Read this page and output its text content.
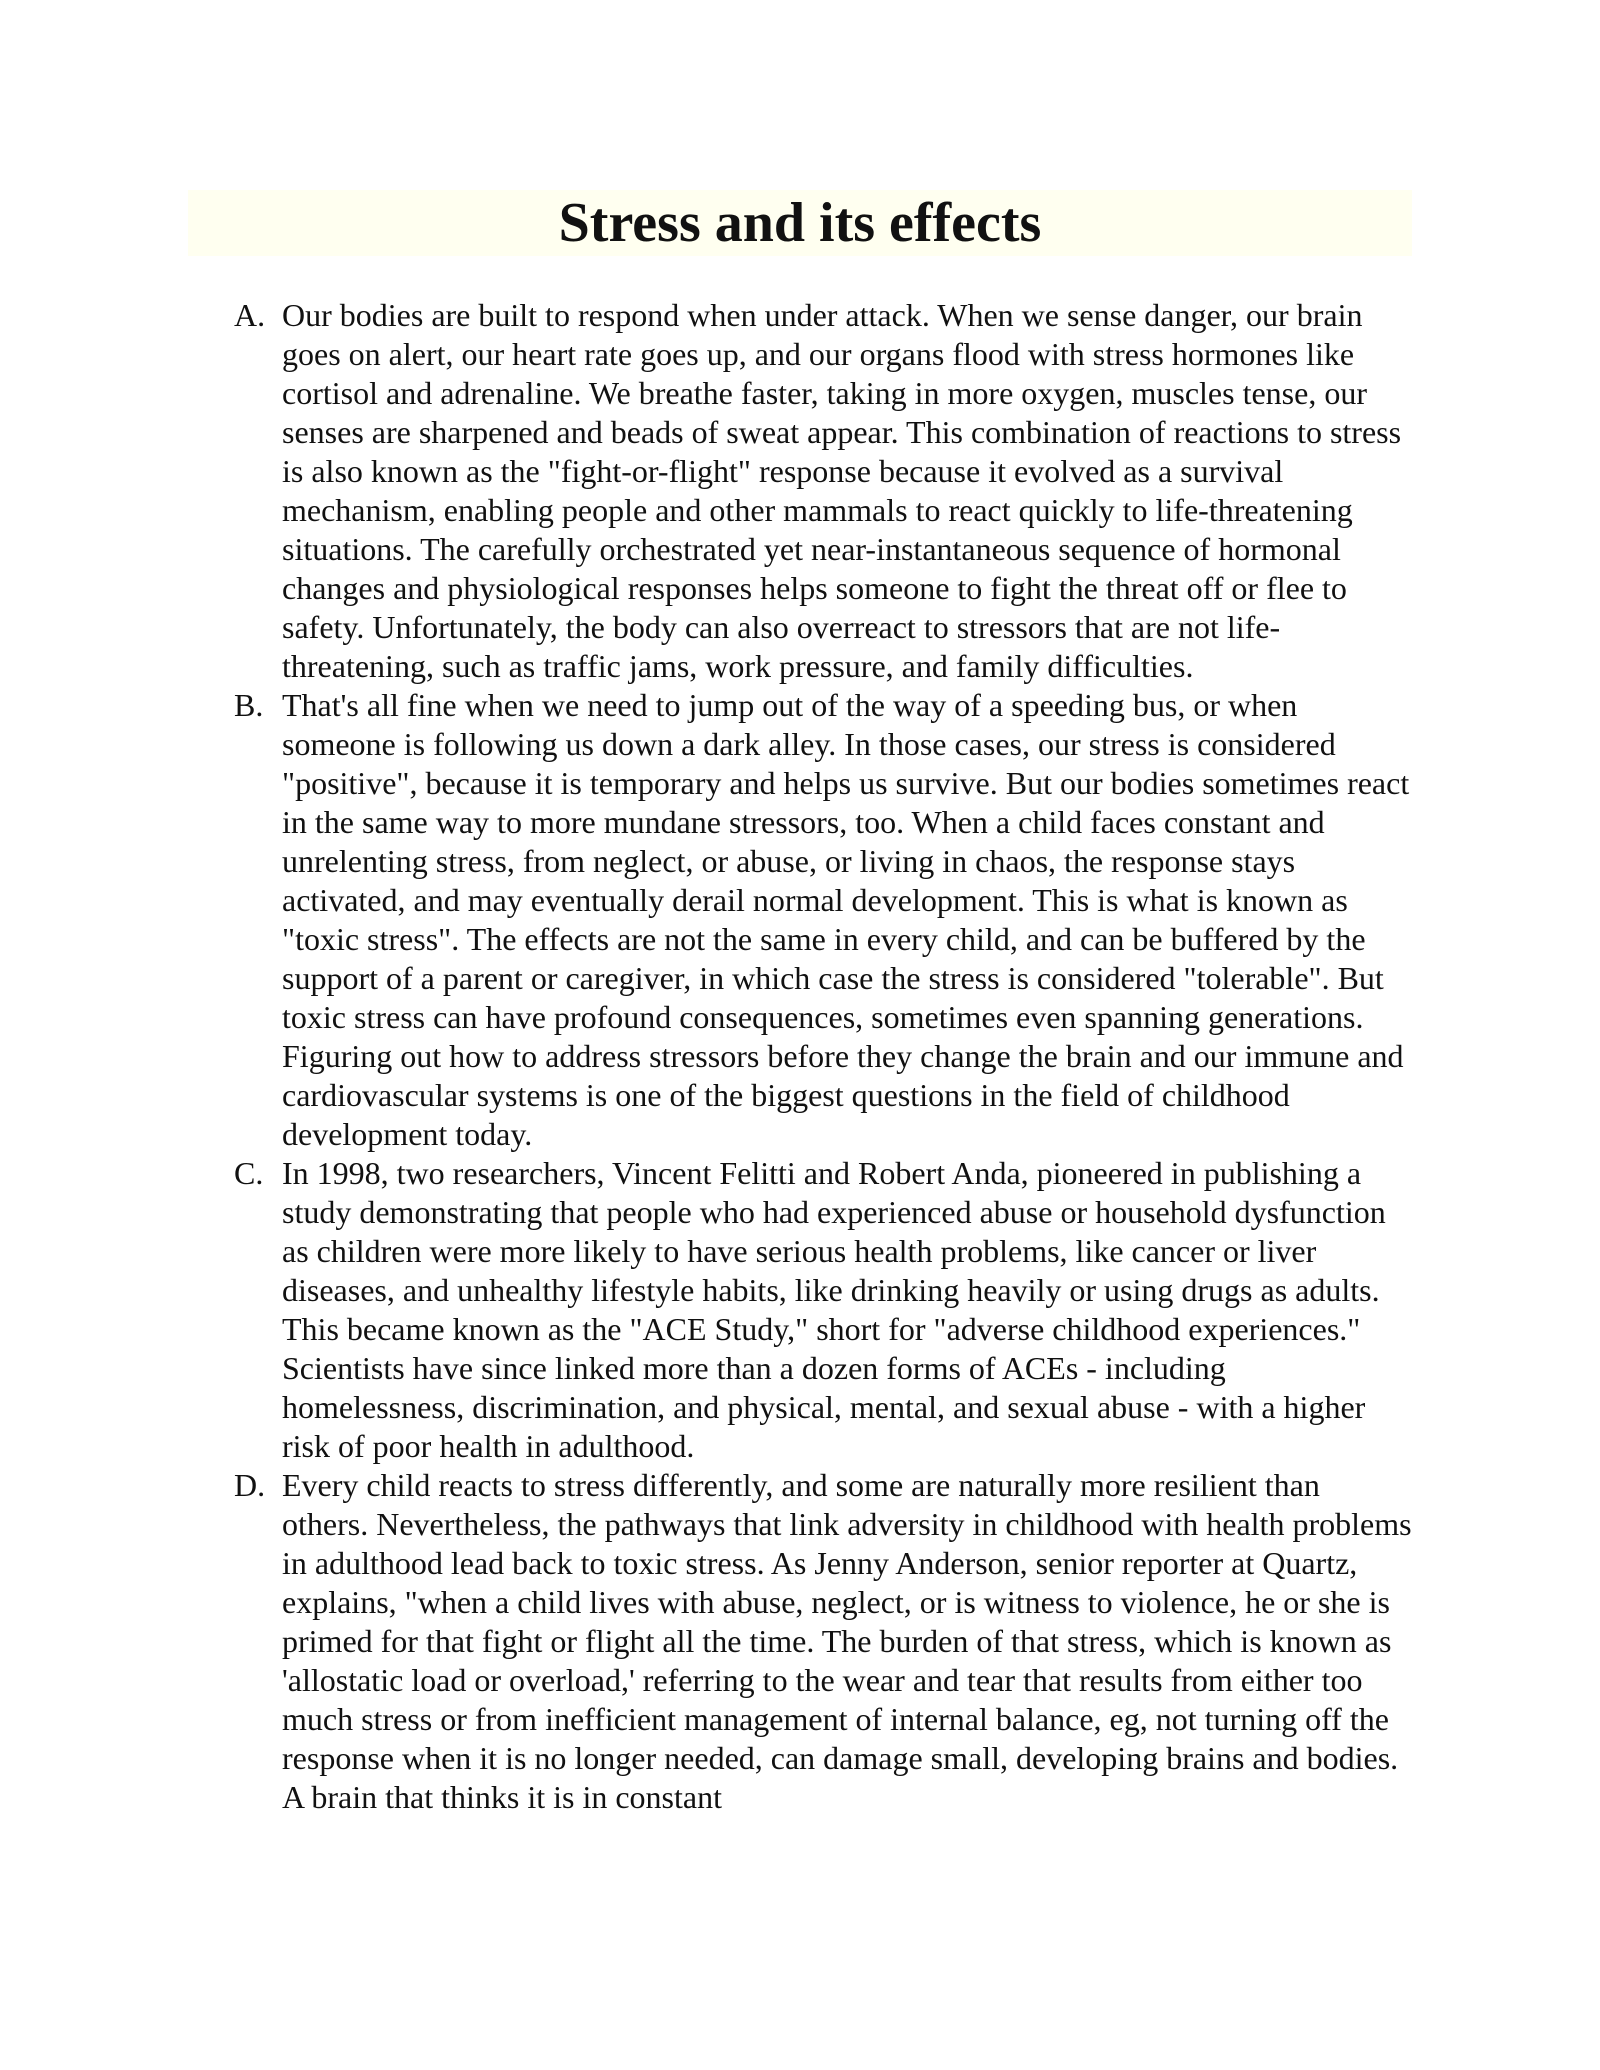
Stress and its effects
A. Our bodies are built to respond when under attack. When we sense danger, our brain goes on alert, our heart rate goes up, and our organs flood with stress hormones like cortisol and adrenaline. We breathe faster, taking in more oxygen, muscles tense, our senses are sharpened and beads of sweat appear. This combination of reactions to stress is also known as the "fight-or-flight" response because it evolved as a survival mechanism, enabling people and other mammals to react quickly to life-threatening situations. The carefully orchestrated yet near-instantaneous sequence of hormonal changes and physiological responses helps someone to fight the threat off or flee to safety. Unfortunately, the body can also overreact to stressors that are not life-threatening, such as traffic jams, work pressure, and family difficulties.
B. That's all fine when we need to jump out of the way of a speeding bus, or when someone is following us down a dark alley. In those cases, our stress is considered "positive", because it is temporary and helps us survive. But our bodies sometimes react in the same way to more mundane stressors, too. When a child faces constant and unrelenting stress, from neglect, or abuse, or living in chaos, the response stays activated, and may eventually derail normal development. This is what is known as "toxic stress". The effects are not the same in every child, and can be buffered by the support of a parent or caregiver, in which case the stress is considered "tolerable". But toxic stress can have profound consequences, sometimes even spanning generations. Figuring out how to address stressors before they change the brain and our immune and cardiovascular systems is one of the biggest questions in the field of childhood development today.
C. In 1998, two researchers, Vincent Felitti and Robert Anda, pioneered in publishing a study demonstrating that people who had experienced abuse or household dysfunction as children were more likely to have serious health problems, like cancer or liver diseases, and unhealthy lifestyle habits, like drinking heavily or using drugs as adults. This became known as the "ACE Study," short for "adverse childhood experiences." Scientists have since linked more than a dozen forms of ACEs - including homelessness, discrimination, and physical, mental, and sexual abuse - with a higher risk of poor health in adulthood.
D. Every child reacts to stress differently, and some are naturally more resilient than others. Nevertheless, the pathways that link adversity in childhood with health problems in adulthood lead back to toxic stress. As Jenny Anderson, senior reporter at Quartz, explains, "when a child lives with abuse, neglect, or is witness to violence, he or she is primed for that fight or flight all the time. The burden of that stress, which is known as 'allostatic load or overload,' referring to the wear and tear that results from either too much stress or from inefficient management of internal balance, eg, not turning off the response when it is no longer needed, can damage small, developing brains and bodies. A brain that thinks it is in constant
